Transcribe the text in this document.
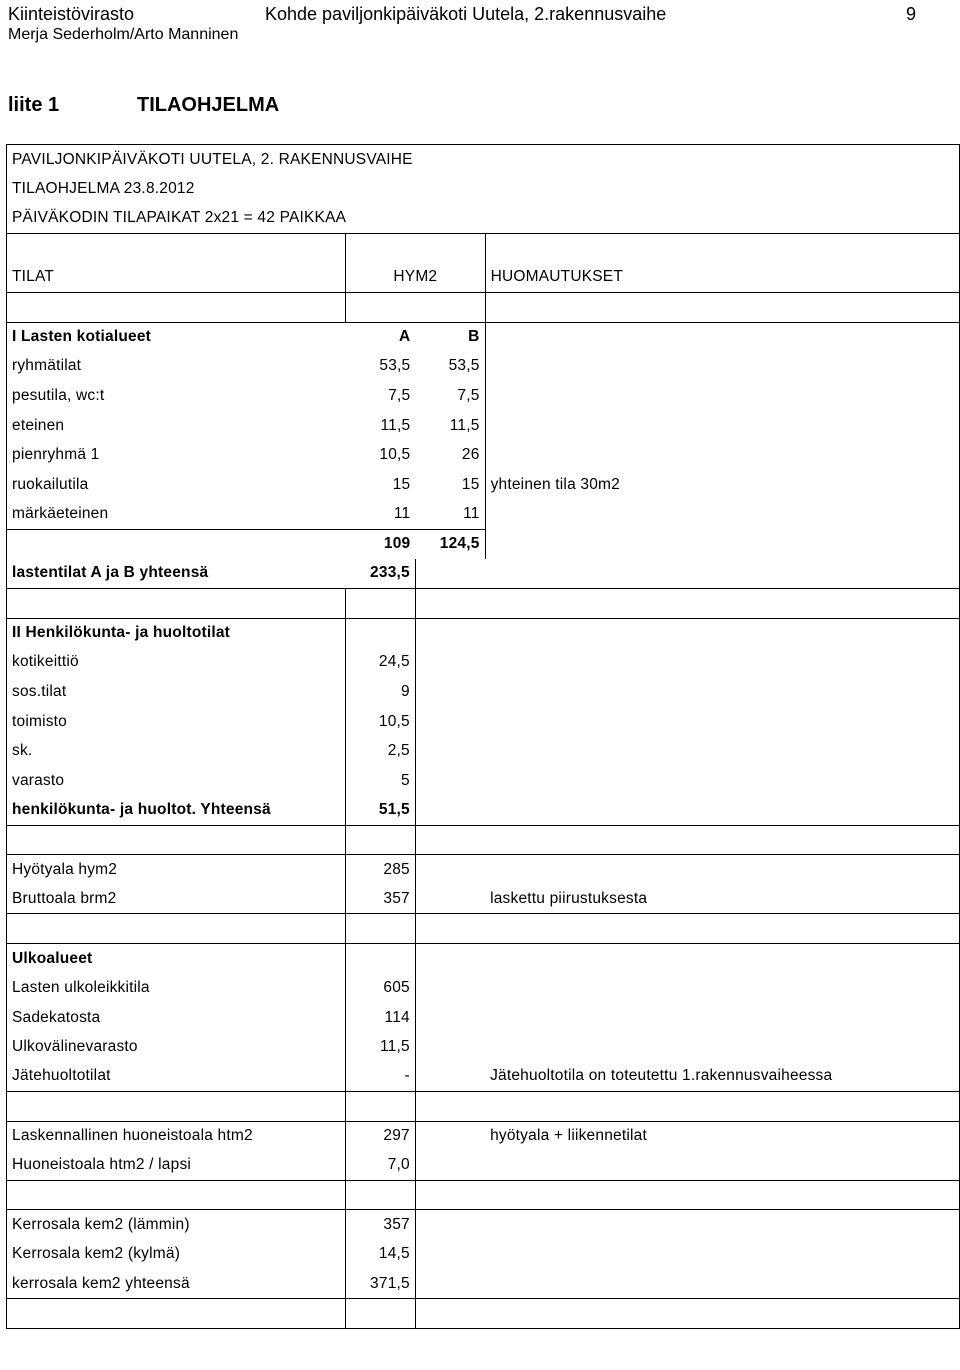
Kiinteistövirasto	Kohde paviljonkipäiväkoti Uutela, 2.rakennusvaihe	9
Merja Sederholm/Arto Manninen
liite 1	TILAOHJELMA
PAVILJONKIPÄIVÄKOTI UUTELA, 2. RAKENNUSVAIHE			
TILAOHJELMA 23.8.2012			
PÄIVÄKODIN TILAPAIKAT 2x21 = 42 PAIKKAA			

TILAT	HYM2		HUOMAUTUKSET

I Lasten kotialueet	A	B	
ryhmätilat	53,5	53,5	
pesutila, wc:t	7,5	7,5	
eteinen	11,5	11,5	
pienryhmä 1	10,5	26	
ruokailutila	15	15	yhteinen tila 30m2
märkäeteinen	11	11	
	109	124,5	
lastentilat A ja B yhteensä	233,5		

II Henkilökunta- ja huoltotilat			
kotikeittiö	24,5		
sos.tilat	9		
toimisto	10,5		
sk.	2,5		
varasto	5		
henkilökunta- ja huoltot. Yhteensä	51,5		

Hyötyala hym2	285		
Bruttoala brm2	357		laskettu piirustuksesta

Ulkoalueet			
Lasten ulkoleikkitila	605		
Sadekatosta	114		
Ulkovälinevarasto	11,5		
Jätehuoltotilat	-		Jätehuoltotila on toteutettu 1.rakennusvaiheessa

Laskennallinen huoneistoala htm2	297		hyötyala + liikennetilat
Huoneistoala htm2 / lapsi	7,0		

Kerrosala kem2 (lämmin)	357		
Kerrosala kem2 (kylmä)	14,5		
kerrosala kem2 yhteensä	371,5		
